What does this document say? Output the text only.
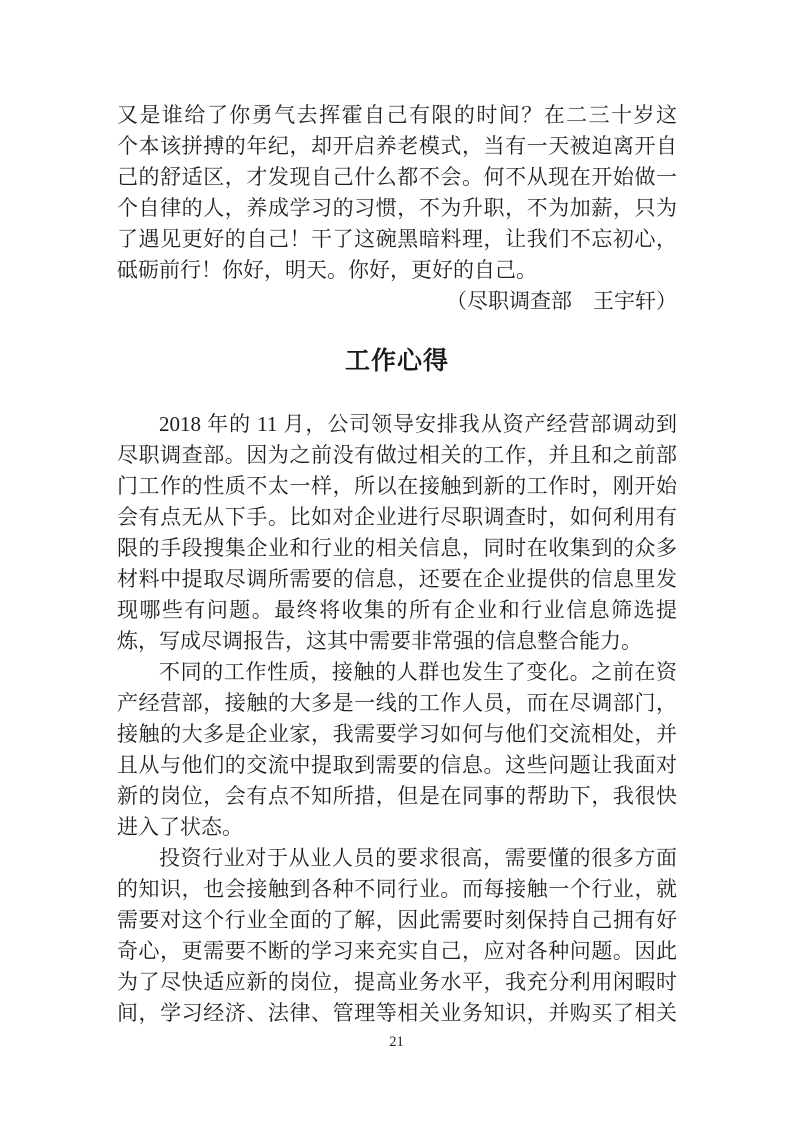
又是谁给了你勇气去挥霍自己有限的时间？在二三十岁这
个本该拼搏的年纪，却开启养老模式，当有一天被迫离开自
己的舒适区，才发现自己什么都不会。何不从现在开始做一
个自律的人，养成学习的习惯，不为升职，不为加薪，只为
了遇见更好的自己！干了这碗黑暗料理，让我们不忘初心，
砥砺前行！你好，明天。你好，更好的自己。
（尽职调查部　王宇轩）
工作心得
2018 年的 11 月，公司领导安排我从资产经营部调动到
尽职调查部。因为之前没有做过相关的工作，并且和之前部
门工作的性质不太一样，所以在接触到新的工作时，刚开始
会有点无从下手。比如对企业进行尽职调查时，如何利用有
限的手段搜集企业和行业的相关信息，同时在收集到的众多
材料中提取尽调所需要的信息，还要在企业提供的信息里发
现哪些有问题。最终将收集的所有企业和行业信息筛选提
炼，写成尽调报告，这其中需要非常强的信息整合能力。
不同的工作性质，接触的人群也发生了变化。之前在资
产经营部，接触的大多是一线的工作人员，而在尽调部门，
接触的大多是企业家，我需要学习如何与他们交流相处，并
且从与他们的交流中提取到需要的信息。这些问题让我面对
新的岗位，会有点不知所措，但是在同事的帮助下，我很快
进入了状态。
投资行业对于从业人员的要求很高，需要懂的很多方面
的知识，也会接触到各种不同行业。而每接触一个行业，就
需要对这个行业全面的了解，因此需要时刻保持自己拥有好
奇心，更需要不断的学习来充实自己，应对各种问题。因此
为了尽快适应新的岗位，提高业务水平，我充分利用闲暇时
间，学习经济、法律、管理等相关业务知识，并购买了相关
21
